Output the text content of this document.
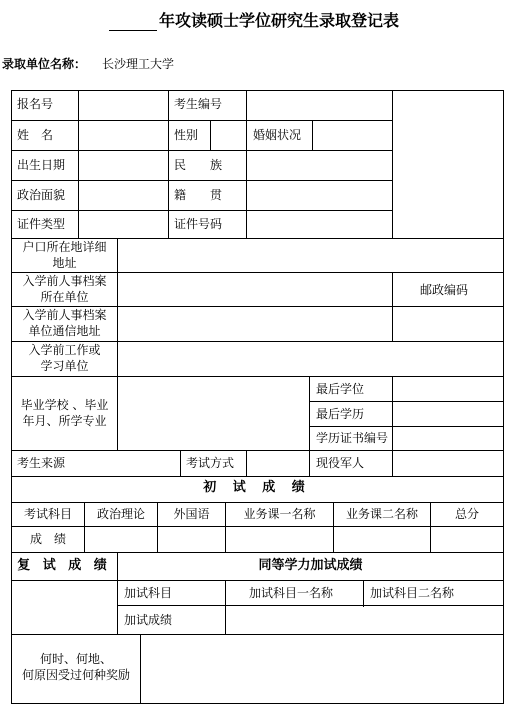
年攻读硕士学位研究生录取登记表
录取单位名称： 长沙理工大学
报名号	考生编号
姓　名	性别	婚姻状况
出生日期	民　　族
政治面貌	籍　　贯
证件类型	证件号码
户口所在地详细
地址
入学前人事档案
所在单位	邮政编码
入学前人事档案
单位通信地址
入学前工作或
学习单位
毕业学校 、毕业
年月、所学专业
最后学位
最后学历
学历证书编号
考生来源	考试方式	现役军人
初 试 成 绩
考试科目	政治理论	外国语	业务课一名称	业务课二名称	总分
成　绩
复 试 成 绩	同等学力加试成绩
加试科目	加试科目一名称	加试科目二名称
加试成绩
何时、何地、
何原因受过何种奖励
